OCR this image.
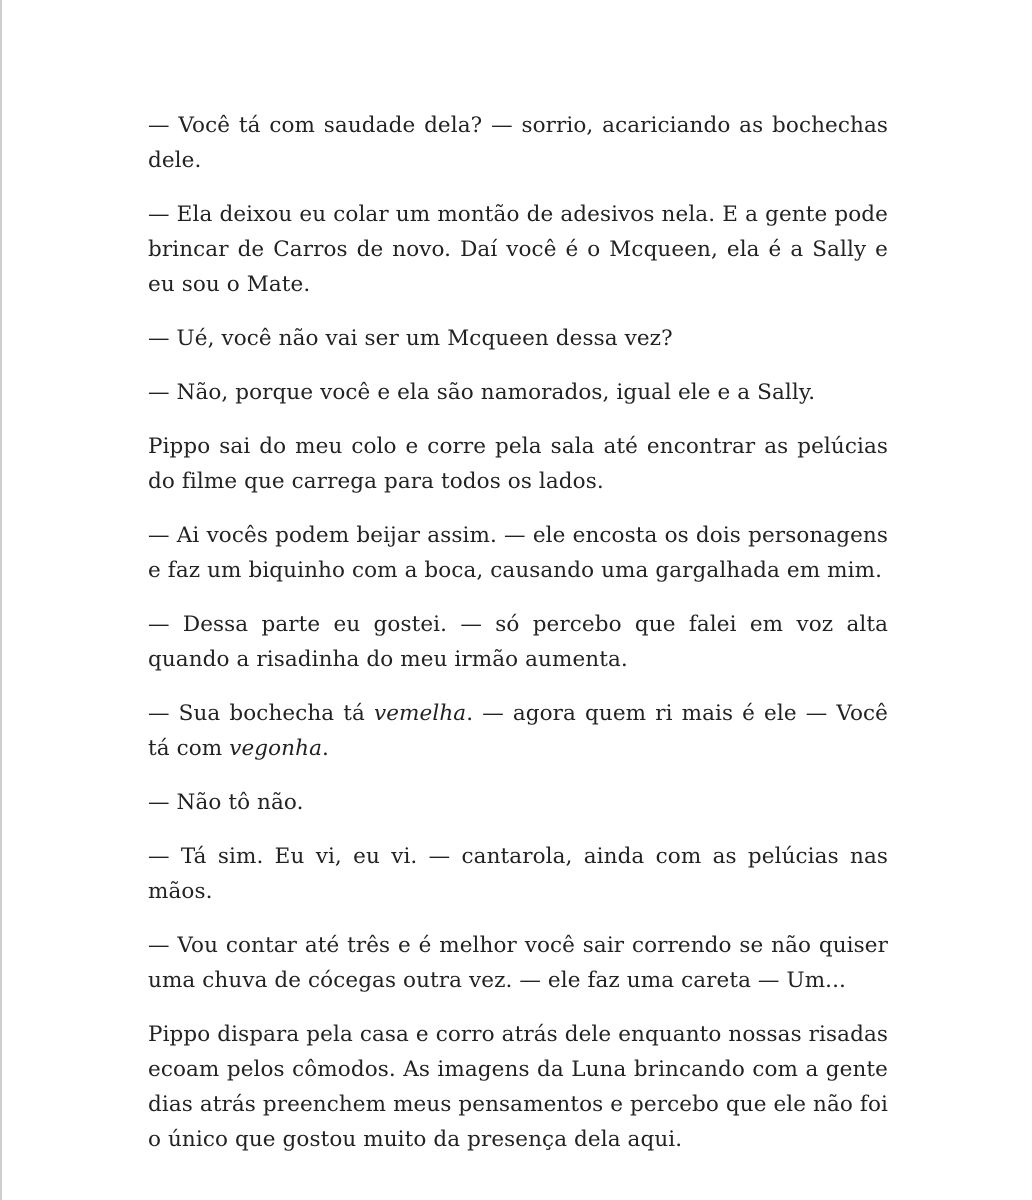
— Você tá com saudade dela? — sorrio, acariciando as bochechas dele.

— Ela deixou eu colar um montão de adesivos nela. E a gente pode brincar de Carros de novo. Daí você é o Mcqueen, ela é a Sally e eu sou o Mate.

— Ué, você não vai ser um Mcqueen dessa vez?

— Não, porque você e ela são namorados, igual ele e a Sally.

Pippo sai do meu colo e corre pela sala até encontrar as pelúcias do filme que carrega para todos os lados.

— Ai vocês podem beijar assim. — ele encosta os dois personagens e faz um biquinho com a boca, causando uma gargalhada em mim.

— Dessa parte eu gostei. — só percebo que falei em voz alta quando a risadinha do meu irmão aumenta.

— Sua bochecha tá vemelha. — agora quem ri mais é ele — Você tá com vegonha.

— Não tô não.

— Tá sim. Eu vi, eu vi. — cantarola, ainda com as pelúcias nas mãos.

— Vou contar até três e é melhor você sair correndo se não quiser uma chuva de cócegas outra vez. — ele faz uma careta — Um...

Pippo dispara pela casa e corro atrás dele enquanto nossas risadas ecoam pelos cômodos. As imagens da Luna brincando com a gente dias atrás preenchem meus pensamentos e percebo que ele não foi o único que gostou muito da presença dela aqui.
